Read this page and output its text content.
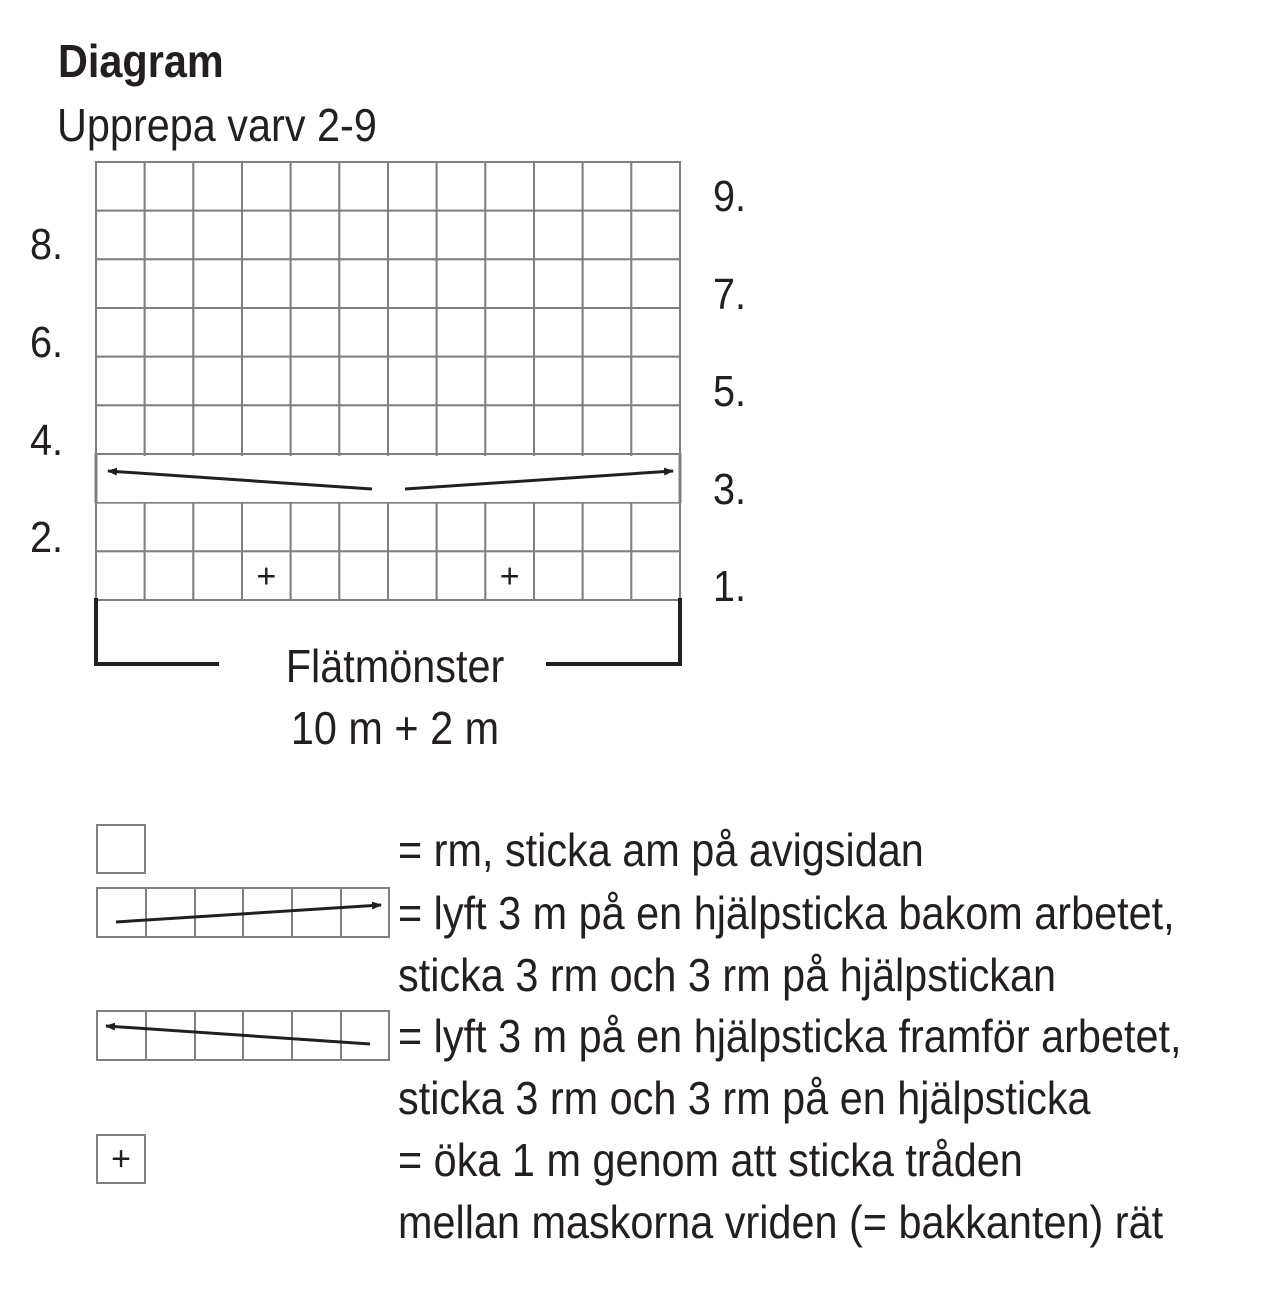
Diagram
Upprepa varv 2-9
+	+
+
8.
6.
4.
2.
9.
7.
5.
3.
1.
Flätmönster
10 m + 2 m
= rm, sticka am på avigsidan
= lyft 3 m på en hjälpsticka bakom arbetet,
sticka 3 rm och 3 rm på hjälpstickan
= lyft 3 m på en hjälpsticka framför arbetet,
sticka 3 rm och 3 rm på en hjälpsticka
= öka 1 m genom att sticka tråden
mellan maskorna vriden (= bakkanten) rät
